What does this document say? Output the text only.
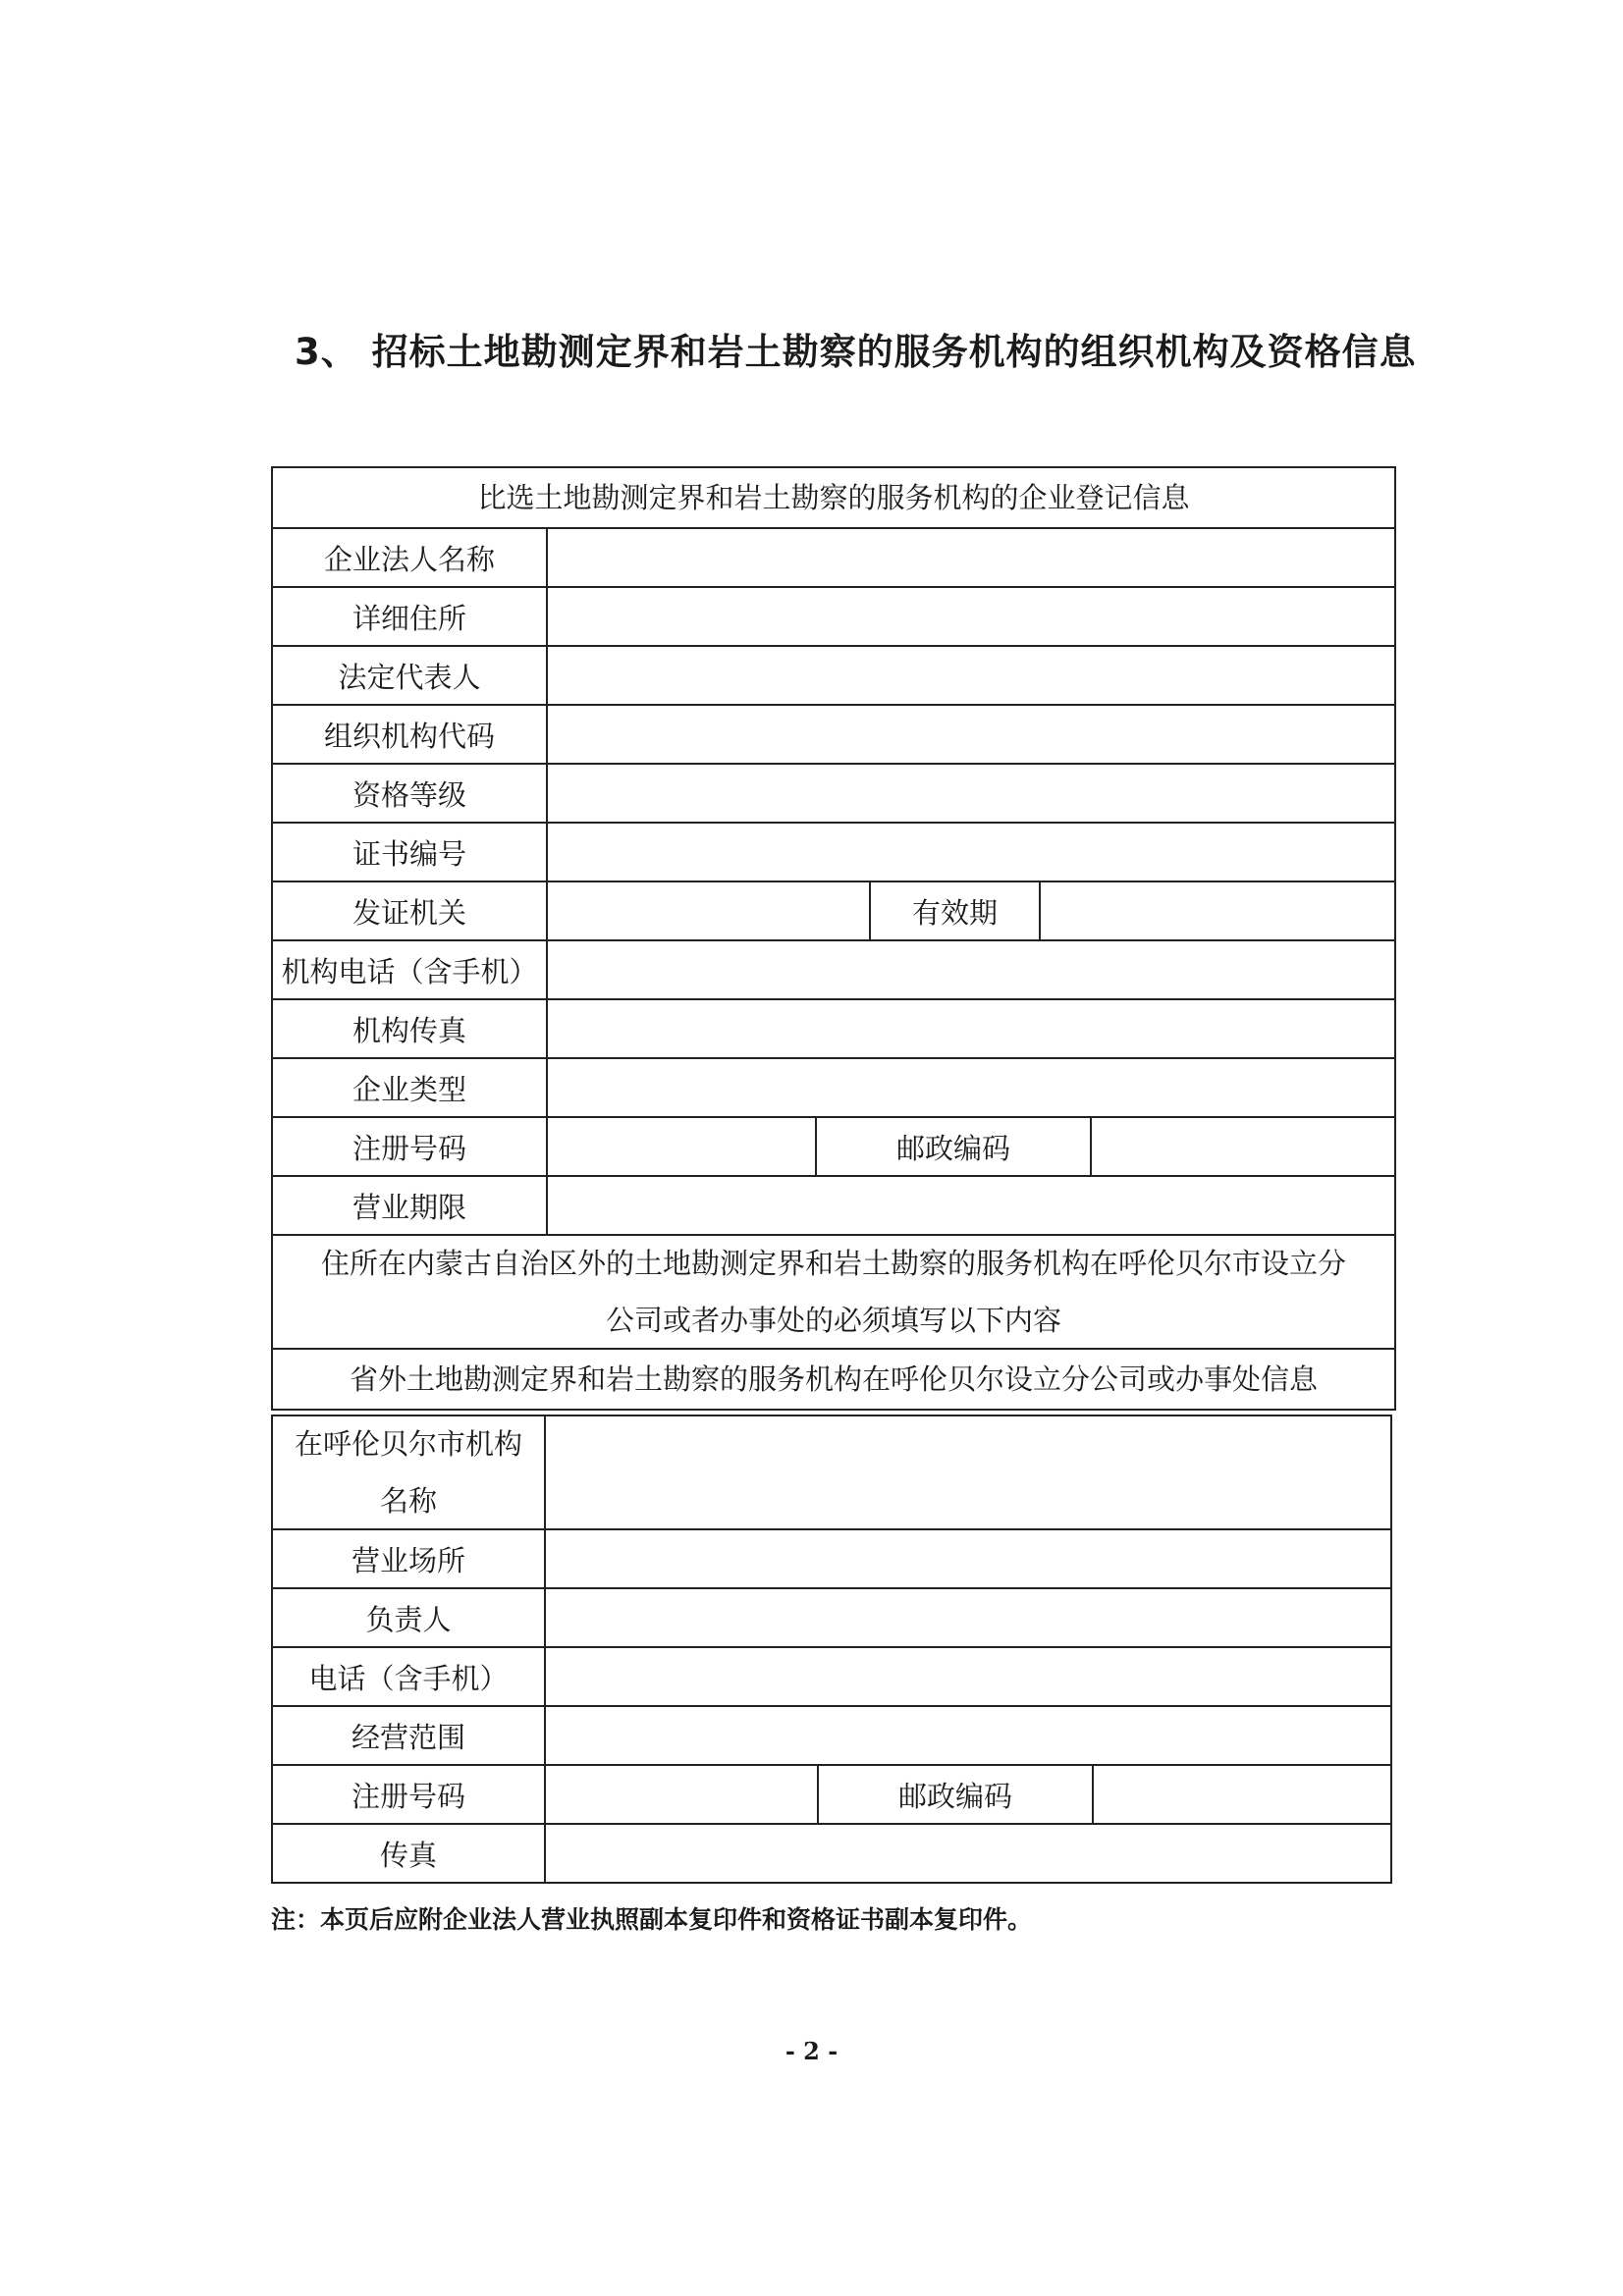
3、 招标土地勘测定界和岩土勘察的服务机构的组织机构及资格信息
比选土地勘测定界和岩土勘察的服务机构的企业登记信息
企业法人名称
详细住所
法定代表人
组织机构代码
资格等级
证书编号
发证机关	有效期
机构电话（含手机）
机构传真
企业类型
注册号码	邮政编码
营业期限
住所在内蒙古自治区外的土地勘测定界和岩土勘察的服务机构在呼伦贝尔市设立分
公司或者办事处的必须填写以下内容
省外土地勘测定界和岩土勘察的服务机构在呼伦贝尔设立分公司或办事处信息
在呼伦贝尔市机构
名称
营业场所
负责人
电话（含手机）
经营范围
注册号码	邮政编码
传真
注：本页后应附企业法人营业执照副本复印件和资格证书副本复印件。
- 2 -
